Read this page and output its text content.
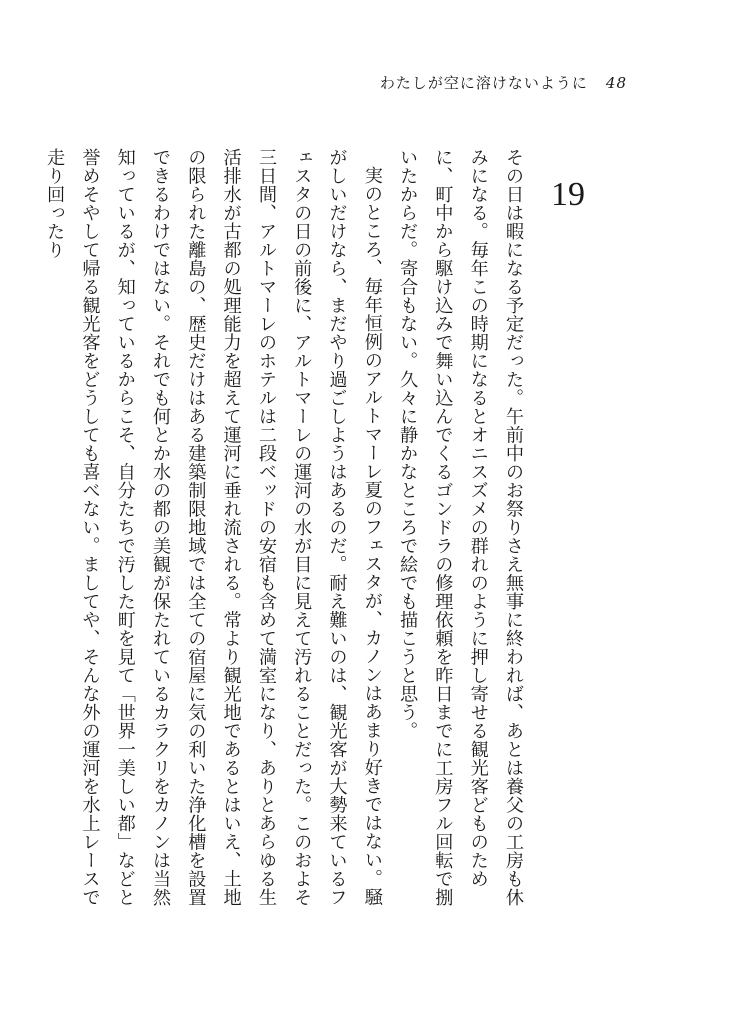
わたしが空に溶けないように 48
19

その日は暇になる予定だった。午前中のお祭りさえ無事に終われば、あとは養父の工房も休みになる。毎年この時期になるとオニスズメの群れのように押し寄せる観光客どものために、町中から駆け込みで舞い込んでくるゴンドラの修理依頼を昨日までに工房フル回転で捌いたからだ。寄合もない。久々に静かなところで絵でも描こうと思う。

実のところ、毎年恒例のアルトマーレ夏のフェスタが、カノンはあまり好きではない。騒がしいだけなら、まだやり過ごしようはあるのだ。耐え難いのは、観光客が大勢来ているフェスタの日の前後に、アルトマーレの運河の水が目に見えて汚れることだった。このおよそ三日間、アルトマーレのホテルは二段ベッドの安宿も含めて満室になり、ありとあらゆる生活排水が古都の処理能力を超えて運河に垂れ流される。常より観光地であるとはいえ、土地の限られた離島の、歴史だけはある建築制限地域では全ての宿屋に気の利いた浄化槽を設置できるわけではない。それでも何とか水の都の美観が保たれているカラクリをカノンは当然知っているが、知っているからこそ、自分たちで汚した町を見て「世界一美しい都」などと誉めそやして帰る観光客をどうしても喜べない。ましてや、そんな外の運河を水上レースで走り回ったり
